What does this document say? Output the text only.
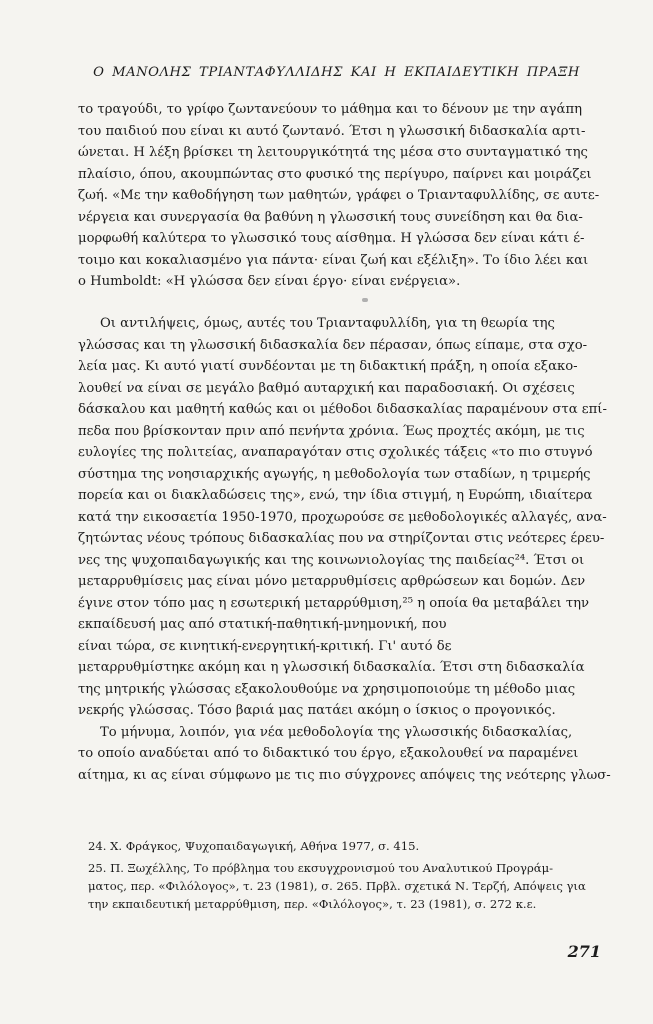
Ο ΜΑΝΟΛΗΣ ΤΡΙΑΝΤΑΦΥΛΛΙΔΗΣ ΚΑΙ Η ΕΚΠΑΙΔΕΥΤΙΚΗ ΠΡΑΞΗ
το τραγούδι, το γρίφο ζωντανεύουν το μάθημα και το δένουν με την αγάπη
του παιδιού που είναι κι αυτό ζωντανό. Έτσι η γλωσσική διδασκαλία αρτι-
ώνεται. Η λέξη βρίσκει τη λειτουργικότητά της μέσα στο συνταγματικό της
πλαίσιο, όπου, ακουμπώντας στο φυσικό της περίγυρο, παίρνει και μοιράζει
ζωή. «Με την καθοδήγηση των μαθητών, γράφει ο Τριανταφυλλίδης, σε αυτε-
νέργεια και συνεργασία θα βαθύνη η γλωσσική τους συνείδηση και θα δια-
μορφωθή καλύτερα το γλωσσικό τους αίσθημα. Η γλώσσα δεν είναι κάτι έ-
τοιμο και κοκαλιασμένο για πάντα· είναι ζωή και εξέλιξη». Το ίδιο λέει και
ο Humboldt: «Η γλώσσα δεν είναι έργο· είναι ενέργεια».
Οι αντιλήψεις, όμως, αυτές του Τριανταφυλλίδη, για τη θεωρία της
γλώσσας και τη γλωσσική διδασκαλία δεν πέρασαν, όπως είπαμε, στα σχο-
λεία μας. Κι αυτό γιατί συνδέονται με τη διδακτική πράξη, η οποία εξακο-
λουθεί να είναι σε μεγάλο βαθμό αυταρχική και παραδοσιακή. Οι σχέσεις
δάσκαλου και μαθητή καθώς και οι μέθοδοι διδασκαλίας παραμένουν στα επί-
πεδα που βρίσκονταν πριν από πενήντα χρόνια. Έως προχτές ακόμη, με τις
ευλογίες της πολιτείας, αναπαραγόταν στις σχολικές τάξεις «το πιο στυγνό
σύστημα της νοησιαρχικής αγωγής, η μεθοδολογία των σταδίων, η τριμερής
πορεία και οι διακλαδώσεις της», ενώ, την ίδια στιγμή, η Ευρώπη, ιδιαίτερα
κατά την εικοσαετία 1950-1970, προχωρούσε σε μεθοδολογικές αλλαγές, ανα-
ζητώντας νέους τρόπους διδασκαλίας που να στηρίζονται στις νεότερες έρευ-
νες της ψυχοπαιδαγωγικής και της κοινωνιολογίας της παιδείας²⁴. Έτσι οι
μεταρρυθμίσεις μας είναι μόνο μεταρρυθμίσεις αρθρώσεων και δομών. Δεν
έγινε στον τόπο μας η εσωτερική μεταρρύθμιση,²⁵ η οποία θα μεταβάλει την
εκπαίδευσή μας από στατική-παθητική-μνημονική, που
είναι τώρα, σε κινητική-ενεργητική-κριτική. Γι' αυτό δε
μεταρρυθμίστηκε ακόμη και η γλωσσική διδασκαλία. Έτσι στη διδασκαλία
της μητρικής γλώσσας εξακολουθούμε να χρησιμοποιούμε τη μέθοδο μιας
νεκρής γλώσσας. Τόσο βαριά μας πατάει ακόμη ο ίσκιος ο προγονικός.
Το μήνυμα, λοιπόν, για νέα μεθοδολογία της γλωσσικής διδασκαλίας,
το οποίο αναδύεται από το διδακτικό του έργο, εξακολουθεί να παραμένει
αίτημα, κι ας είναι σύμφωνο με τις πιο σύγχρονες απόψεις της νεότερης γλωσ-
24. Χ. Φράγκος, Ψυχοπαιδαγωγική, Αθήνα 1977, σ. 415.
25. Π. Ξωχέλλης, Το πρόβλημα του εκσυγχρονισμού του Αναλυτικού Προγράμ-
ματος, περ. «Φιλόλογος», τ. 23 (1981), σ. 265. Πρβλ. σχετικά Ν. Τερζή, Απόψεις για
την εκπαιδευτική μεταρρύθμιση, περ. «Φιλόλογος», τ. 23 (1981), σ. 272 κ.ε.
271
